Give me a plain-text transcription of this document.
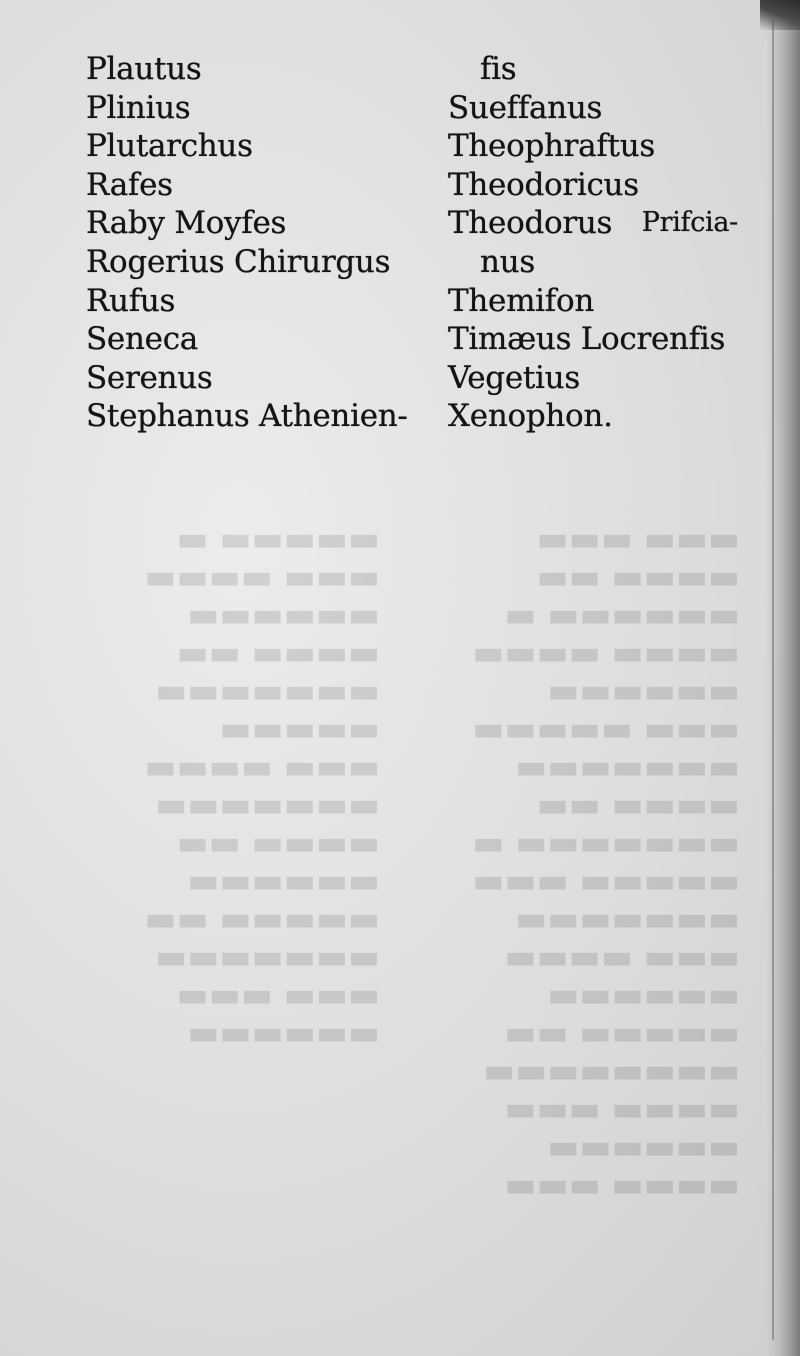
▬▬▬ ▬▬▬
▬▬▬▬ ▬▬
▬▬▬▬▬▬ ▬
▬▬▬▬ ▬▬▬▬
▬▬▬▬▬▬
▬▬▬ ▬▬▬▬▬
▬▬▬▬▬▬▬
▬▬▬▬ ▬▬
▬▬▬▬▬▬▬ ▬
▬▬▬▬▬ ▬▬▬
▬▬▬▬▬▬▬
▬▬▬ ▬▬▬▬
▬▬▬▬▬▬
▬▬▬▬▬ ▬▬
▬▬▬▬▬▬▬▬
▬▬▬▬ ▬▬▬
▬▬▬▬▬▬
▬▬▬▬ ▬▬▬
▬▬▬▬▬ ▬
▬▬▬ ▬▬▬▬
▬▬▬▬▬▬
▬▬▬▬ ▬▬
▬▬▬▬▬▬▬
▬▬▬▬▬
▬▬▬ ▬▬▬▬
▬▬▬▬▬▬▬
▬▬▬▬ ▬▬
▬▬▬▬▬▬
▬▬▬▬▬ ▬▬
▬▬▬▬▬▬▬
▬▬▬ ▬▬▬
▬▬▬▬▬▬
Plautus
Plinius
Plutarchus
Rafes
Raby Moyfes
Rogerius Chirurgus
Rufus
Seneca
Serenus
Stephanus Athenien-
fis
Sueffanus
Theophraftus
Theodoricus
Theodorus Prifcia-
nus
Themifon
Timæus Locrenfis
Vegetius
Xenophon.
